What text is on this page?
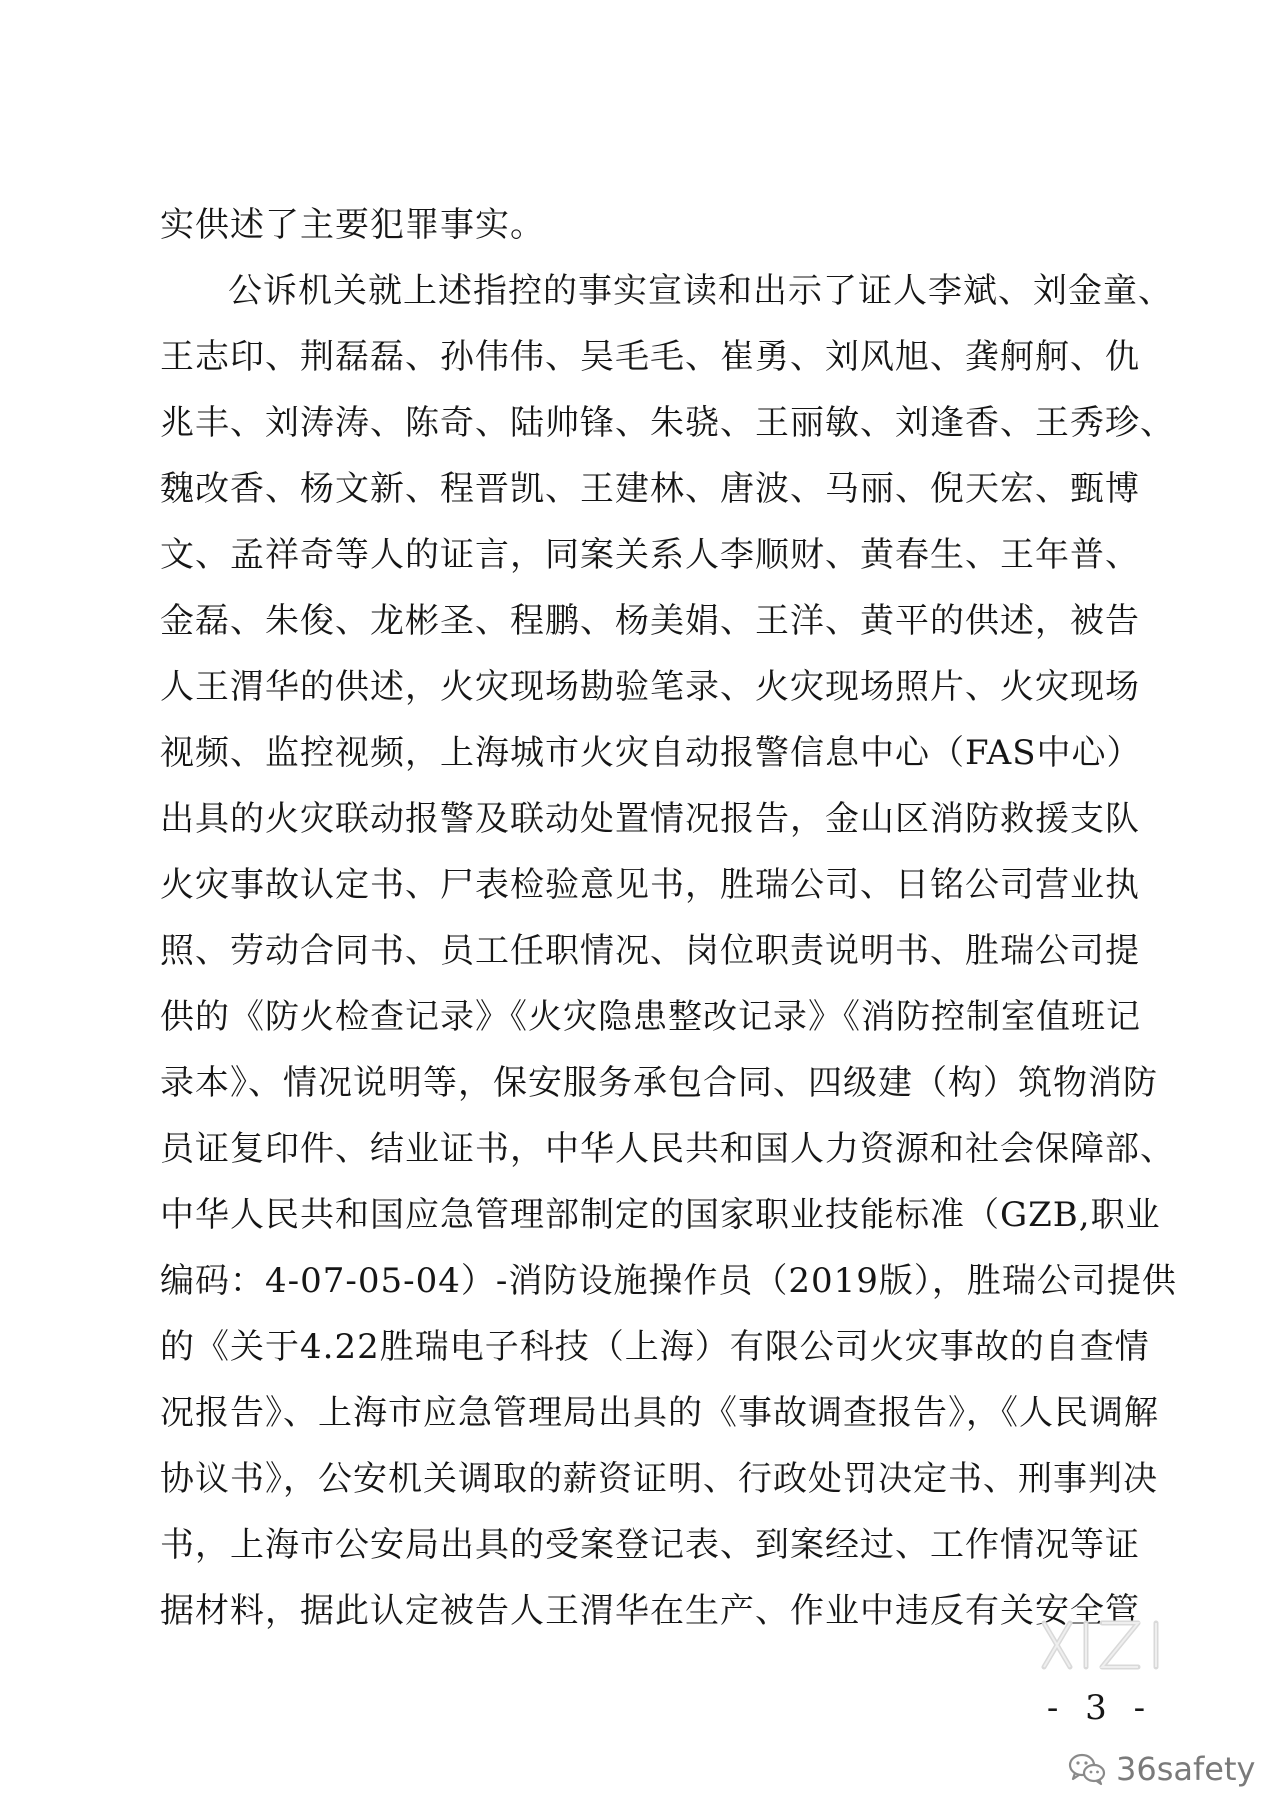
实供述了主要犯罪事实。
公诉机关就上述指控的事实宣读和出示了证人李斌、刘金童、
王志印、荆磊磊、孙伟伟、吴毛毛、崔勇、刘风旭、龚舸舸、仇
兆丰、刘涛涛、陈奇、陆帅锋、朱骁、王丽敏、刘逢香、王秀珍、
魏改香、杨文新、程晋凯、王建林、唐波、马丽、倪天宏、甄博
文、孟祥奇等人的证言，同案关系人李顺财、黄春生、王年普、
金磊、朱俊、龙彬圣、程鹏、杨美娟、王洋、黄平的供述，被告
人王渭华的供述，火灾现场勘验笔录、火灾现场照片、火灾现场
视频、监控视频，上海城市火灾自动报警信息中心（FAS中心）
出具的火灾联动报警及联动处置情况报告，金山区消防救援支队
火灾事故认定书、尸表检验意见书，胜瑞公司、日铭公司营业执
照、劳动合同书、员工任职情况、岗位职责说明书、胜瑞公司提
供的《防火检查记录》《火灾隐患整改记录》《消防控制室值班记
录本》、情况说明等，保安服务承包合同、四级建（构）筑物消防
员证复印件、结业证书，中华人民共和国人力资源和社会保障部、
中华人民共和国应急管理部制定的国家职业技能标准（GZB,职业
编码：4-07-05-04）-消防设施操作员（2019版），胜瑞公司提供
的《关于4.22胜瑞电子科技（上海）有限公司火灾事故的自查情
况报告》、上海市应急管理局出具的《事故调查报告》，《人民调解
协议书》，公安机关调取的薪资证明、行政处罚决定书、刑事判决
书，上海市公安局出具的受案登记表、到案经过、工作情况等证
据材料，据此认定被告人王渭华在生产、作业中违反有关安全管
- 3 -
36safety
